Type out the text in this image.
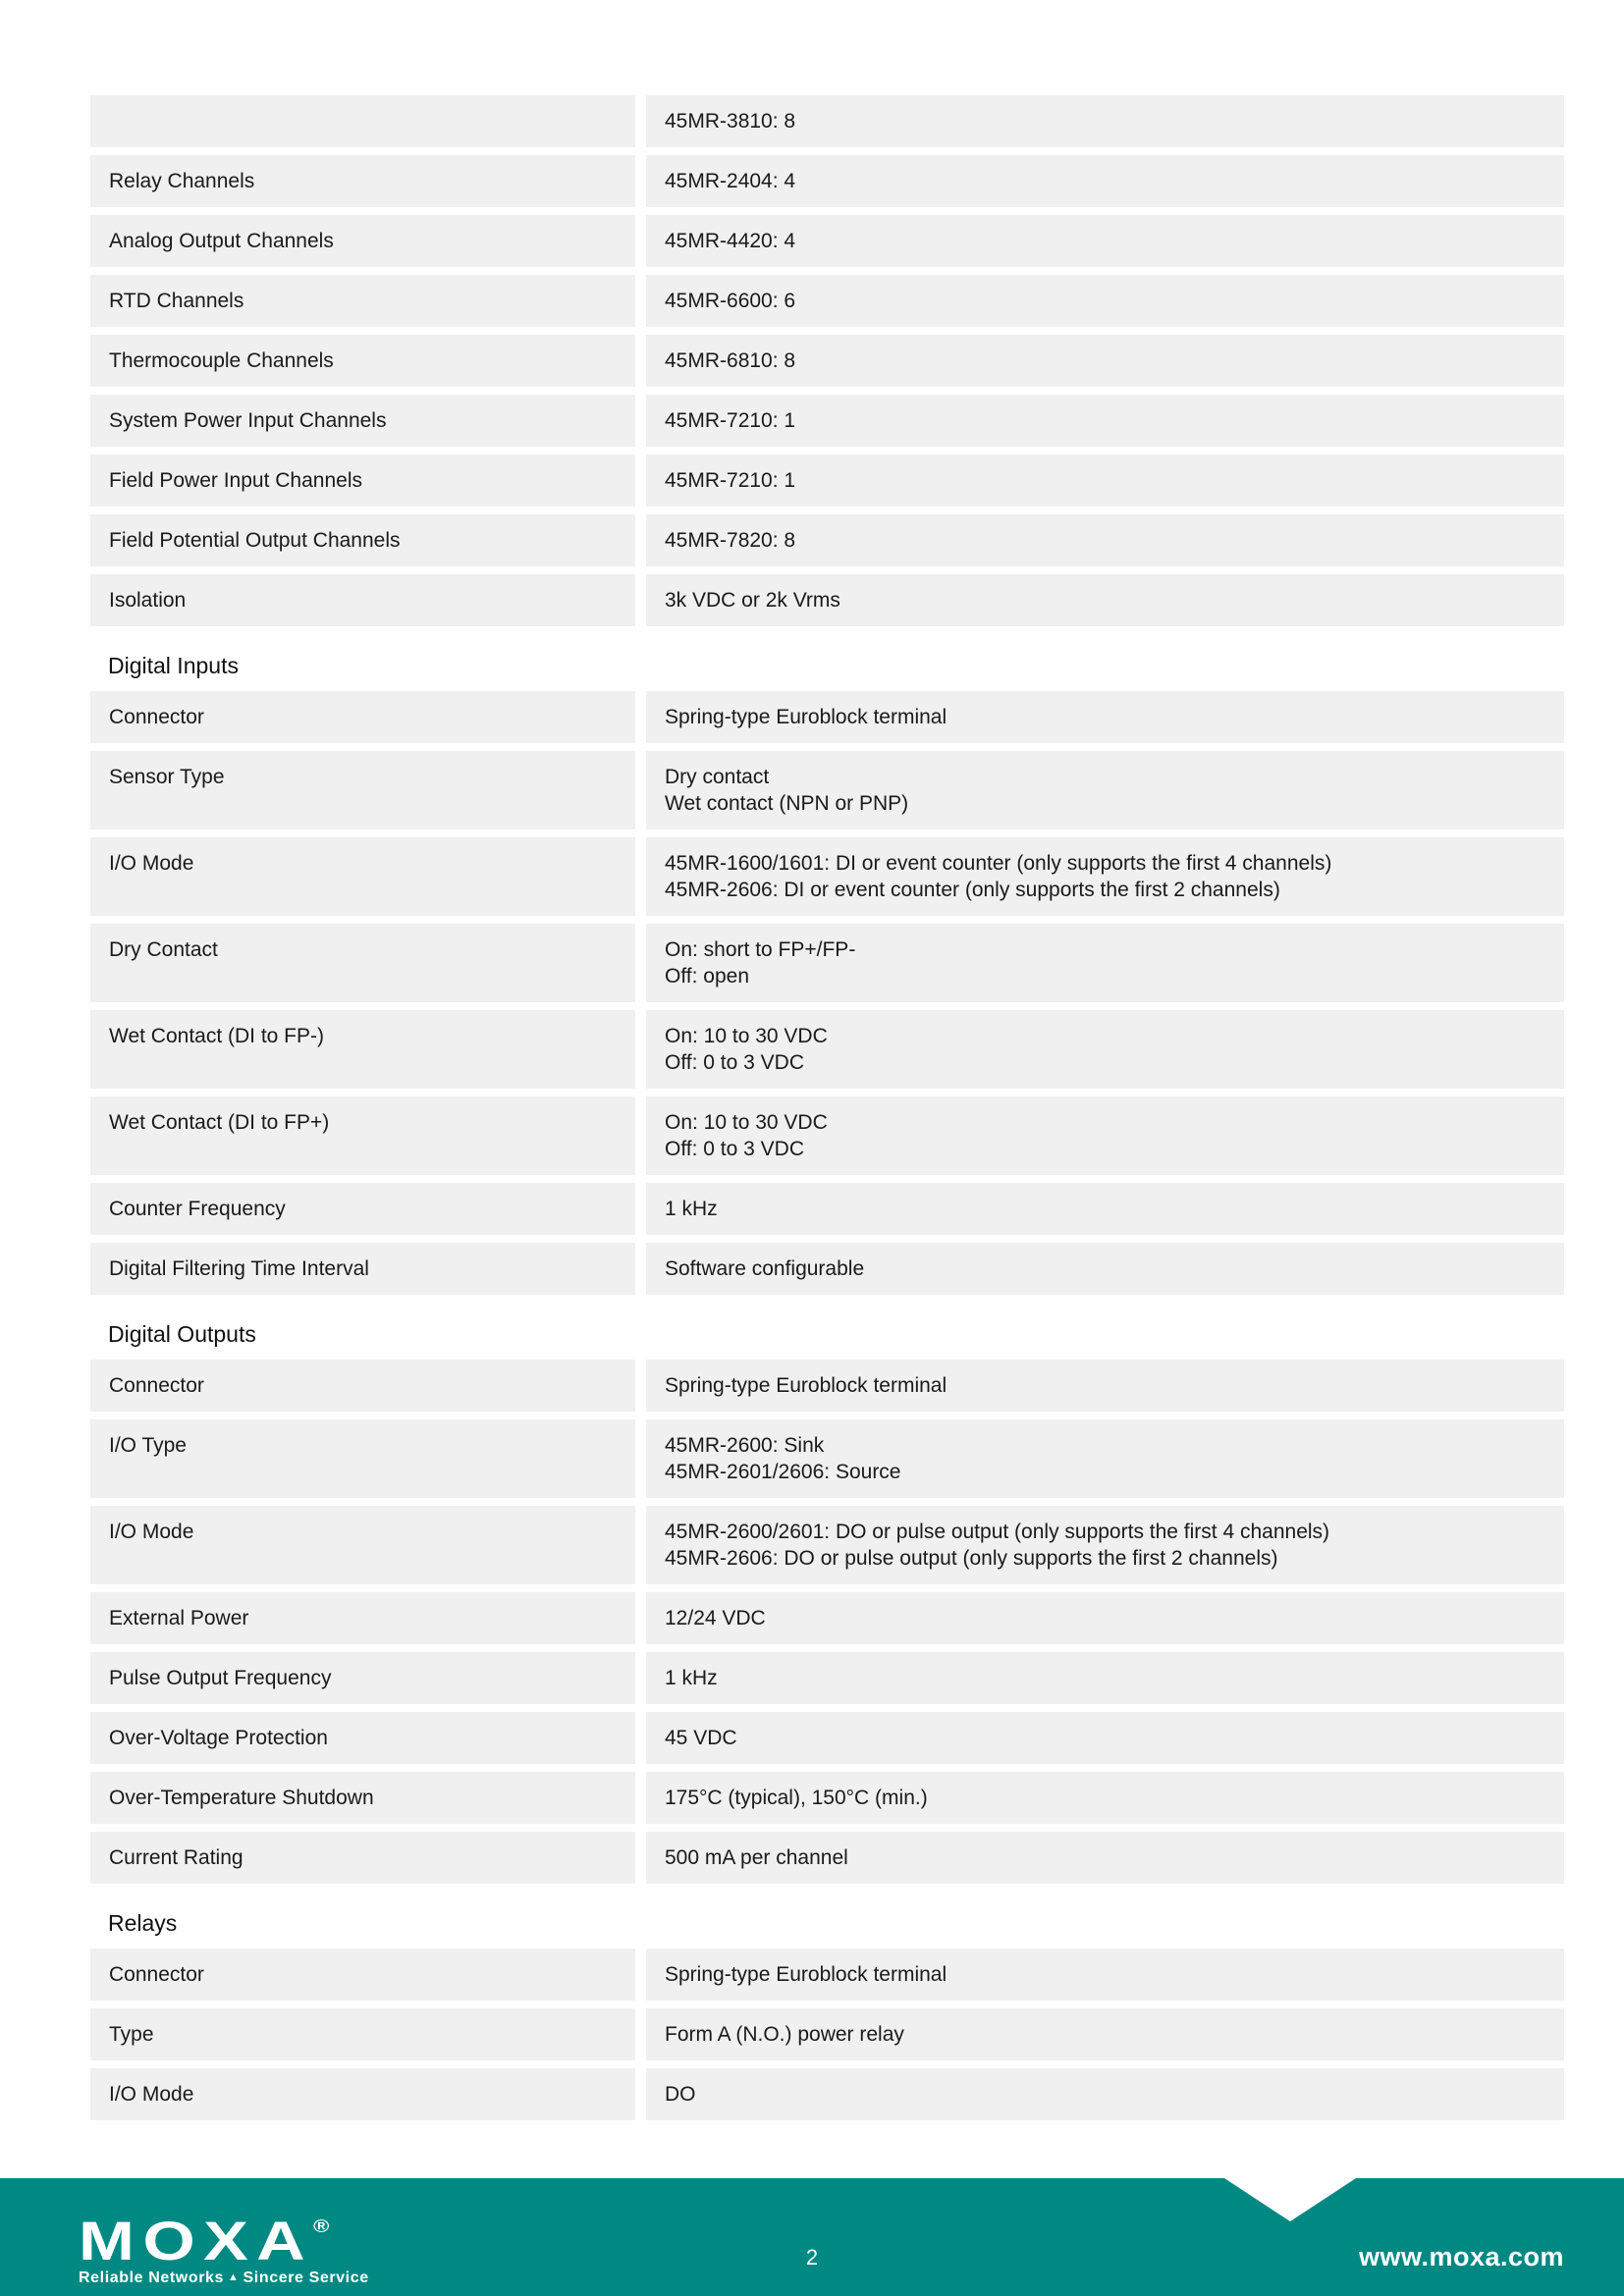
45MR-3810: 8
Relay Channels	45MR-2404: 4
Analog Output Channels	45MR-4420: 4
RTD Channels	45MR-6600: 6
Thermocouple Channels	45MR-6810: 8
System Power Input Channels	45MR-7210: 1
Field Power Input Channels	45MR-7210: 1
Field Potential Output Channels	45MR-7820: 8
Isolation	3k VDC or 2k Vrms
Digital Inputs
Connector	Spring-type Euroblock terminal
Sensor Type	Dry contact
Wet contact (NPN or PNP)
I/O Mode	45MR-1600/1601: DI or event counter (only supports the first 4 channels)
45MR-2606: DI or event counter (only supports the first 2 channels)
Dry Contact	On: short to FP+/FP-
Off: open
Wet Contact (DI to FP-)	On: 10 to 30 VDC
Off: 0 to 3 VDC
Wet Contact (DI to FP+)	On: 10 to 30 VDC
Off: 0 to 3 VDC
Counter Frequency	1 kHz
Digital Filtering Time Interval	Software configurable
Digital Outputs
Connector	Spring-type Euroblock terminal
I/O Type	45MR-2600: Sink
45MR-2601/2606: Source
I/O Mode	45MR-2600/2601: DO or pulse output (only supports the first 4 channels)
45MR-2606: DO or pulse output (only supports the first 2 channels)
External Power	12/24 VDC
Pulse Output Frequency	1 kHz
Over-Voltage Protection	45 VDC
Over-Temperature Shutdown	175°C (typical), 150°C (min.)
Current Rating	500 mA per channel
Relays
Connector	Spring-type Euroblock terminal
Type	Form A (N.O.) power relay
I/O Mode	DO
MOXA®
Reliable Networks ▲ Sincere Service
2	www.moxa.com
